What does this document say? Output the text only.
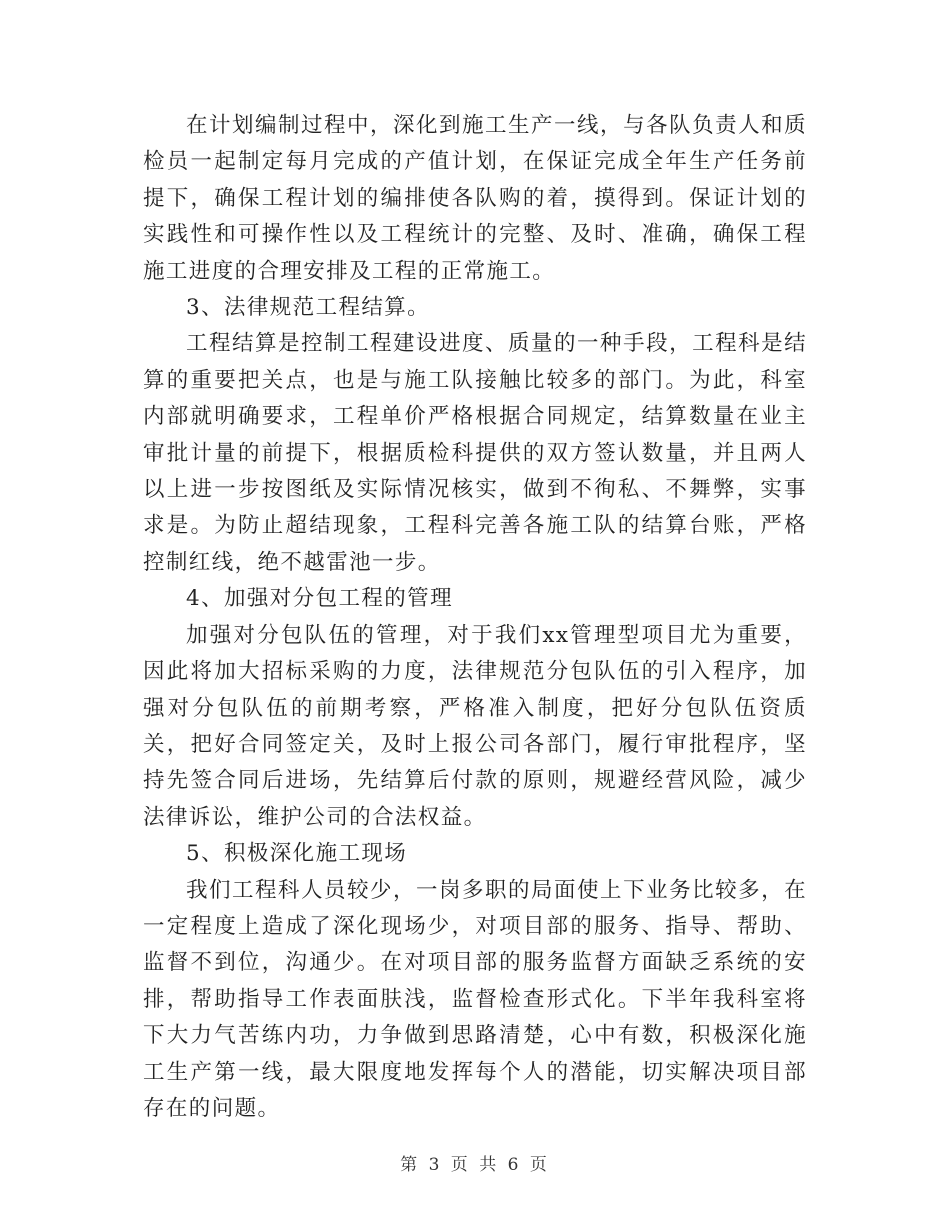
在计划编制过程中，深化到施工生产一线，与各队负责人和质检员一起制定每月完成的产值计划，在保证完成全年生产任务前提下，确保工程计划的编排使各队购的着，摸得到。保证计划的实践性和可操作性以及工程统计的完整、及时、准确，确保工程施工进度的合理安排及工程的正常施工。

3、法律规范工程结算。

工程结算是控制工程建设进度、质量的一种手段，工程科是结算的重要把关点，也是与施工队接触比较多的部门。为此，科室内部就明确要求，工程单价严格根据合同规定，结算数量在业主审批计量的前提下，根据质检科提供的双方签认数量，并且两人以上进一步按图纸及实际情况核实，做到不徇私、不舞弊，实事求是。为防止超结现象，工程科完善各施工队的结算台账，严格控制红线，绝不越雷池一步。

4、加强对分包工程的管理

加强对分包队伍的管理，对于我们xx管理型项目尤为重要，因此将加大招标采购的力度，法律规范分包队伍的引入程序，加强对分包队伍的前期考察，严格准入制度，把好分包队伍资质关，把好合同签定关，及时上报公司各部门，履行审批程序，坚持先签合同后进场，先结算后付款的原则，规避经营风险，减少法律诉讼，维护公司的合法权益。

5、积极深化施工现场

我们工程科人员较少，一岗多职的局面使上下业务比较多，在一定程度上造成了深化现场少，对项目部的服务、指导、帮助、监督不到位，沟通少。在对项目部的服务监督方面缺乏系统的安排，帮助指导工作表面肤浅，监督检查形式化。下半年我科室将下大力气苦练内功，力争做到思路清楚，心中有数，积极深化施工生产第一线，最大限度地发挥每个人的潜能，切实解决项目部存在的问题。

第 3 页 共 6 页
